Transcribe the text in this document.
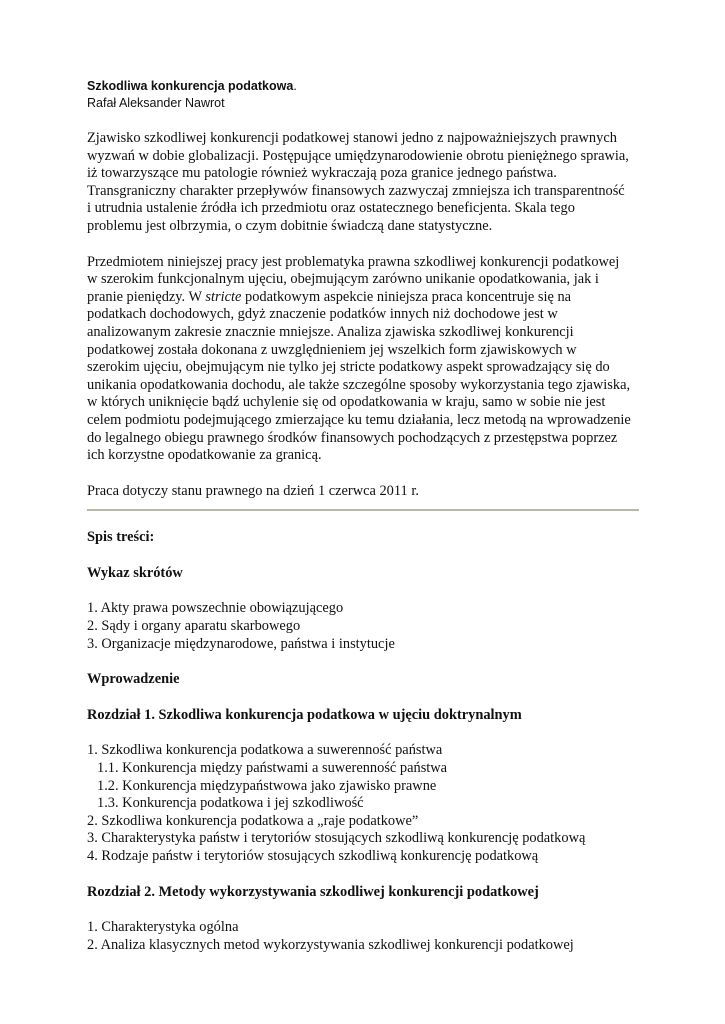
Szkodliwa konkurencja podatkowa.
Rafał Aleksander Nawrot
Zjawisko szkodliwej konkurencji podatkowej stanowi jedno z najpoważniejszych prawnych
wyzwań w dobie globalizacji. Postępujące umiędzynarodowienie obrotu pieniężnego sprawia,
iż towarzyszące mu patologie również wykraczają poza granice jednego państwa.
Transgraniczny charakter przepływów finansowych zazwyczaj zmniejsza ich transparentność
i utrudnia ustalenie źródła ich przedmiotu oraz ostatecznego beneficjenta. Skala tego
problemu jest olbrzymia, o czym dobitnie świadczą dane statystyczne.
Przedmiotem niniejszej pracy jest problematyka prawna szkodliwej konkurencji podatkowej
w szerokim funkcjonalnym ujęciu, obejmującym zarówno unikanie opodatkowania, jak i
pranie pieniędzy. W stricte podatkowym aspekcie niniejsza praca koncentruje się na
podatkach dochodowych, gdyż znaczenie podatków innych niż dochodowe jest w
analizowanym zakresie znacznie mniejsze. Analiza zjawiska szkodliwej konkurencji
podatkowej została dokonana z uwzględnieniem jej wszelkich form zjawiskowych w
szerokim ujęciu, obejmującym nie tylko jej stricte podatkowy aspekt sprowadzający się do
unikania opodatkowania dochodu, ale także szczególne sposoby wykorzystania tego zjawiska,
w których uniknięcie bądź uchylenie się od opodatkowania w kraju, samo w sobie nie jest
celem podmiotu podejmującego zmierzające ku temu działania, lecz metodą na wprowadzenie
do legalnego obiegu prawnego środków finansowych pochodzących z przestępstwa poprzez
ich korzystne opodatkowanie za granicą.
Praca dotyczy stanu prawnego na dzień 1 czerwca 2011 r.
Spis treści:
Wykaz skrótów
1. Akty prawa powszechnie obowiązującego
2. Sądy i organy aparatu skarbowego
3. Organizacje międzynarodowe, państwa i instytucje
Wprowadzenie
Rozdział 1. Szkodliwa konkurencja podatkowa w ujęciu doktrynalnym
1. Szkodliwa konkurencja podatkowa a suwerenność państwa
1.1. Konkurencja między państwami a suwerenność państwa
1.2. Konkurencja międzypaństwowa jako zjawisko prawne
1.3. Konkurencja podatkowa i jej szkodliwość
2. Szkodliwa konkurencja podatkowa a „raje podatkowe”
3. Charakterystyka państw i terytoriów stosujących szkodliwą konkurencję podatkową
4. Rodzaje państw i terytoriów stosujących szkodliwą konkurencję podatkową
Rozdział 2. Metody wykorzystywania szkodliwej konkurencji podatkowej
1. Charakterystyka ogólna
2. Analiza klasycznych metod wykorzystywania szkodliwej konkurencji podatkowej
